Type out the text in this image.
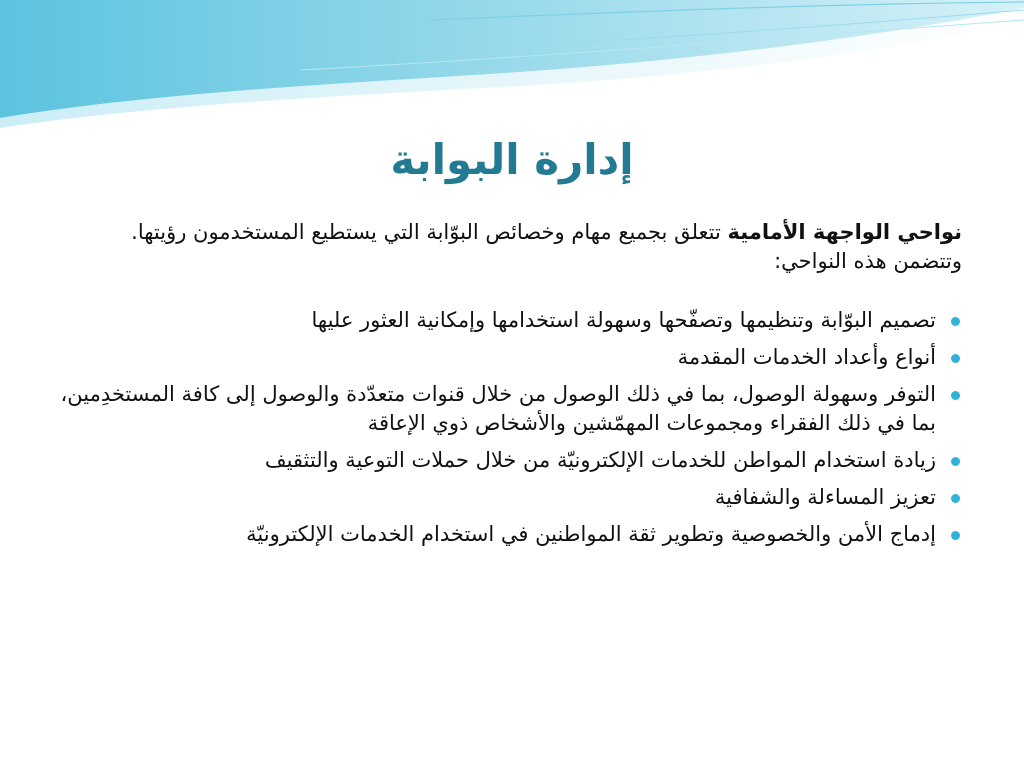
إدارة البوابة

نواحي الواجهة الأمامية تتعلق بجميع مهام وخصائص البوّابة التي يستطيع المستخدمون رؤيتها. وتتضمن هذه النواحي:

تصميم البوّابة وتنظيمها وتصفّحها وسهولة استخدامها وإمكانية العثور عليها
أنواع وأعداد الخدمات المقدمة
التوفر وسهولة الوصول، بما في ذلك الوصول من خلال قنوات متعدّدة والوصول إلى كافة المستخدِمين، بما في ذلك الفقراء ومجموعات المهمّشين والأشخاص ذوي الإعاقة
زيادة استخدام المواطن للخدمات الإلكترونيّة من خلال حملات التوعية والتثقيف
تعزيز المساءلة والشفافية
إدماج الأمن والخصوصية وتطوير ثقة المواطنين في استخدام الخدمات الإلكترونيّة
